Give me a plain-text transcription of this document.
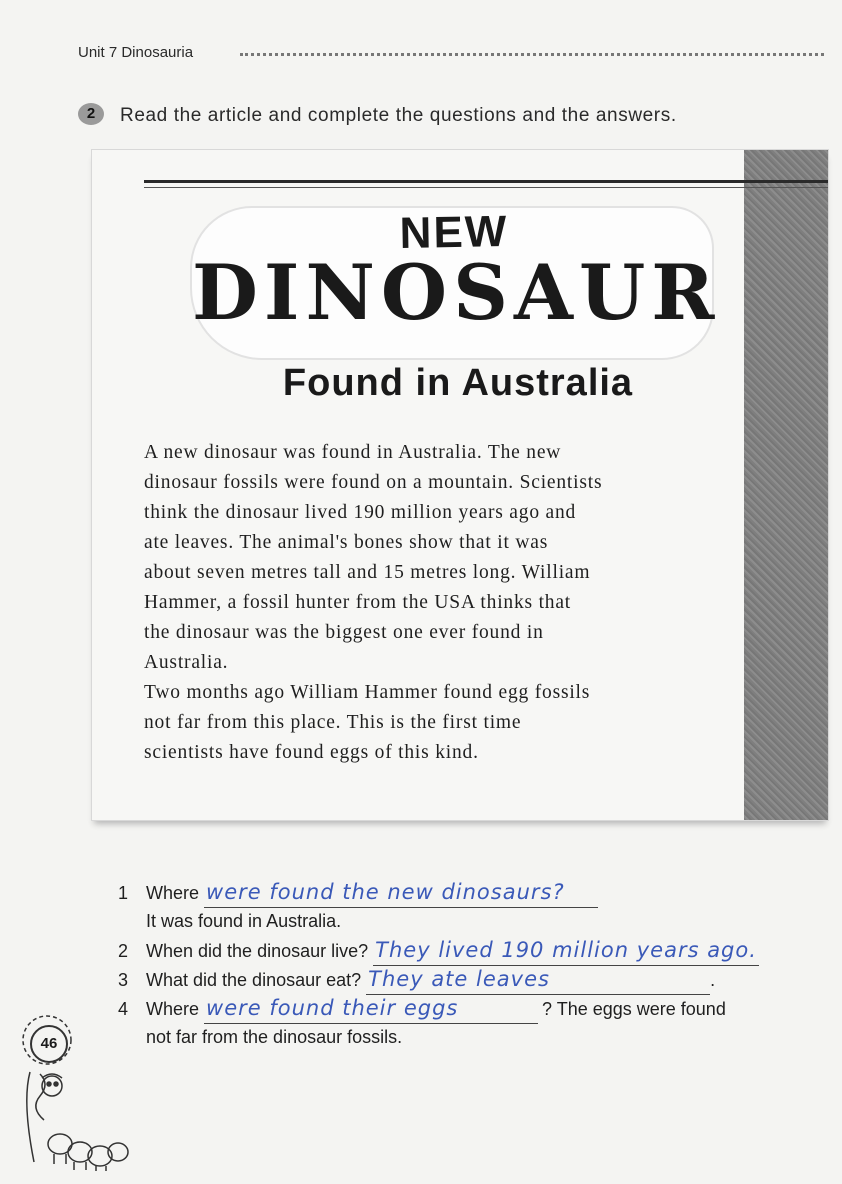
Unit 7 Dinosauria
2	Read the article and complete the questions and the answers.
NEW
DINOSAUR
Found in Australia

A new dinosaur was found in Australia. The new

dinosaur fossils were found on a mountain. Scientists

think the dinosaur lived 190 million years ago and

ate leaves. The animal's bones show that it was

about seven metres tall and 15 metres long. William

Hammer, a fossil hunter from the USA thinks that

the dinosaur was the biggest one ever found in

Australia.

Two months ago William Hammer found egg fossils

not far from this place. This is the first time

scientists have found eggs of this kind.

1 Where were found the new dinosaurs?
It was found in Australia.
2 When did the dinosaur live? They lived 190 million years ago.
3 What did the dinosaur eat? They ate leaves	.
4 Where were found their eggs	? The eggs were found
not far from the dinosaur fossils.
46
